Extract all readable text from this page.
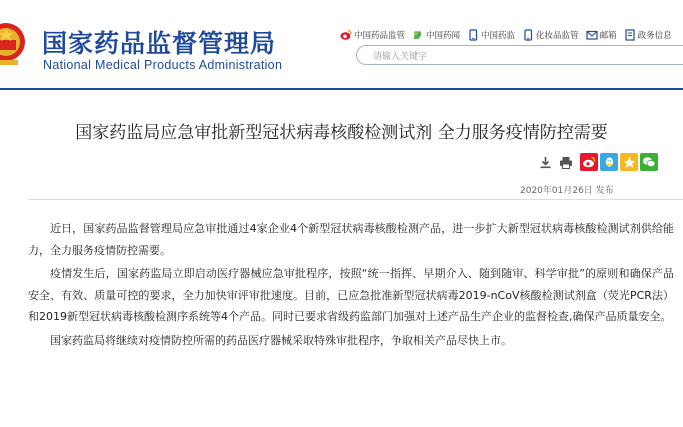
国家药品监督管理局
National Medical Products Administration
中国药品监管 中国药闻 中国药监 化妆品监管 邮箱 政务信息
请输入关键字
国家药监局应急审批新型冠状病毒核酸检测试剂 全力服务疫情防控需要
2020年01月26日 发布

近日，国家药品监督管理局应急审批通过4家企业4个新型冠状病毒核酸检测产品，进一步扩大新型冠状病毒核酸检测试剂供给能力，全力服务疫情防控需要。

疫情发生后，国家药监局立即启动医疗器械应急审批程序，按照“统一指挥、早期介入、随到随审、科学审批”的原则和确保产品安全、有效、质量可控的要求，全力加快审评审批速度。目前，已应急批准新型冠状病毒2019-nCoV核酸检测试剂盒（荧光PCR法）和2019新型冠状病毒核酸检测序系统等4个产品。同时已要求省级药监部门加强对上述产品生产企业的监督检查,确保产品质量安全。

国家药监局将继续对疫情防控所需的药品医疗器械采取特殊审批程序，争取相关产品尽快上市。
